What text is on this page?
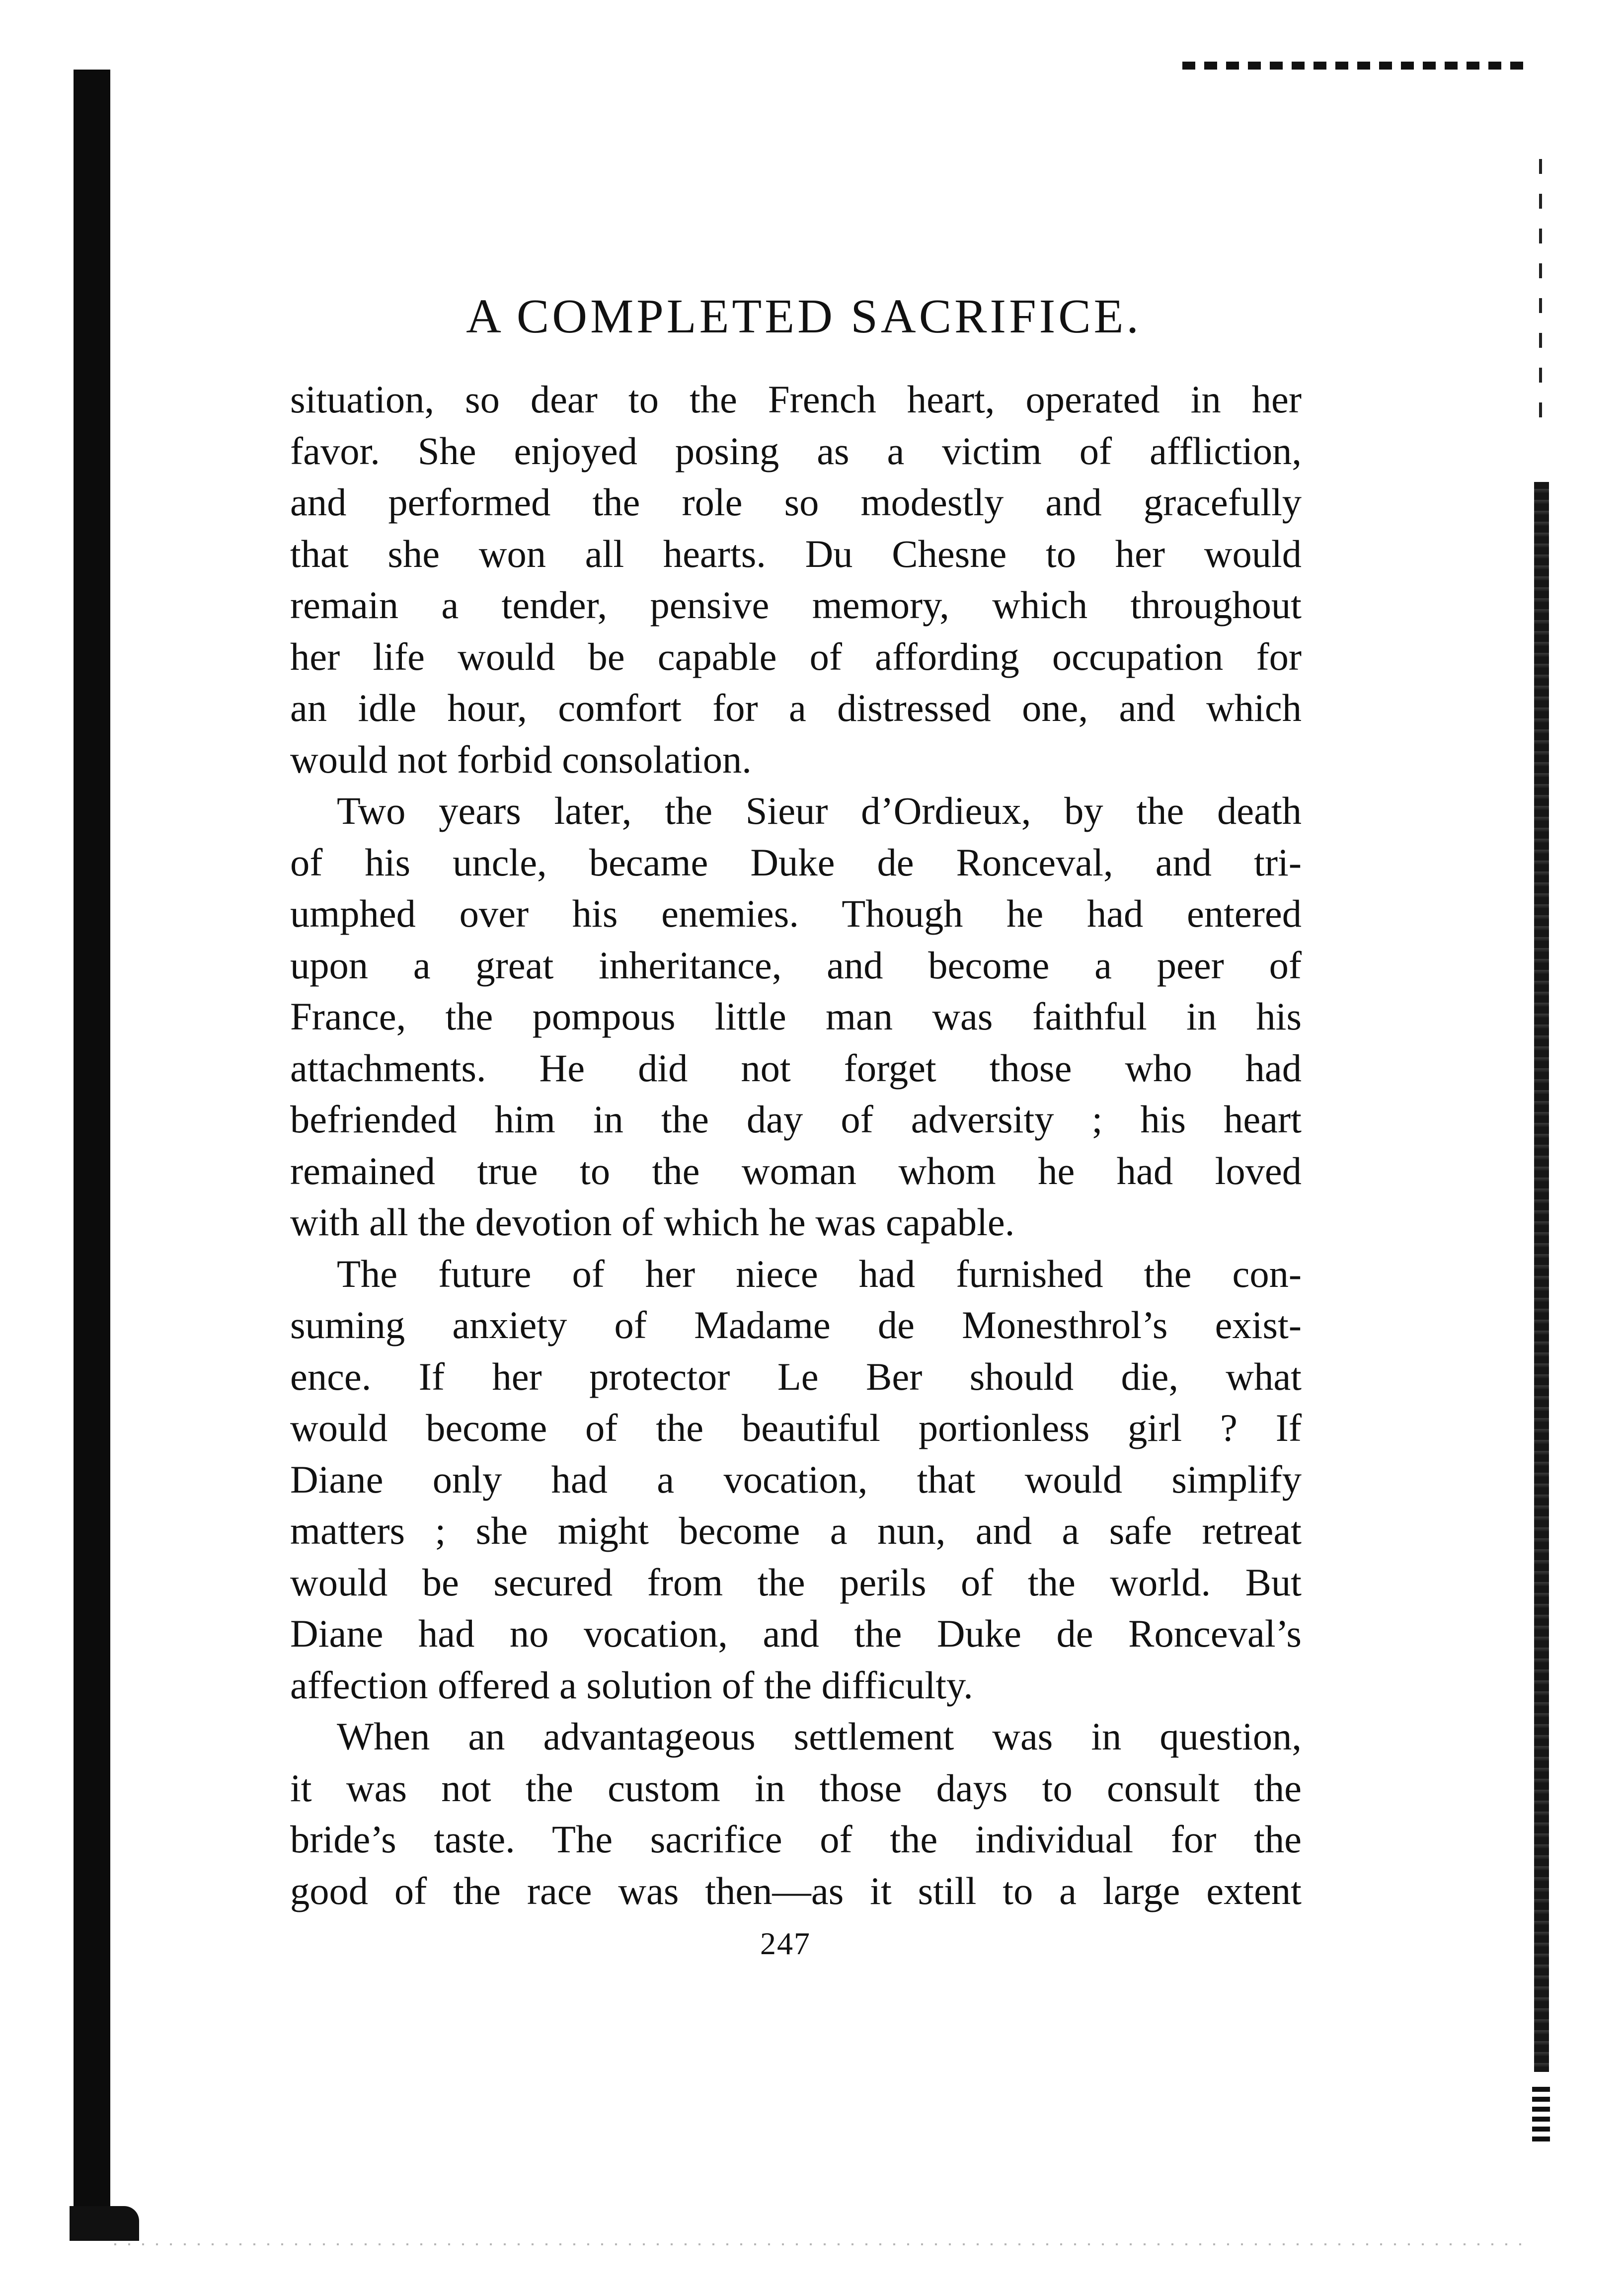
A COMPLETED SACRIFICE.
situation, so dear to the French heart, operated in her
favor. She enjoyed posing as a victim of affliction,
and performed the role so modestly and gracefully
that she won all hearts. Du Chesne to her would
remain a tender, pensive memory, which throughout
her life would be capable of affording occupation for
an idle hour, comfort for a distressed one, and which
would not forbid consolation.
Two years later, the Sieur d’Ordieux, by the death
of his uncle, became Duke de Ronceval, and tri-
umphed over his enemies. Though he had entered
upon a great inheritance, and become a peer of
France, the pompous little man was faithful in his
attachments. He did not forget those who had
befriended him in the day of adversity ; his heart
remained true to the woman whom he had loved
with all the devotion of which he was capable.
The future of her niece had furnished the con-
suming anxiety of Madame de Monesthrol’s exist-
ence. If her protector Le Ber should die, what
would become of the beautiful portionless girl ? If
Diane only had a vocation, that would simplify
matters ; she might become a nun, and a safe retreat
would be secured from the perils of the world. But
Diane had no vocation, and the Duke de Ronceval’s
affection offered a solution of the difficulty.
When an advantageous settlement was in question,
it was not the custom in those days to consult the
bride’s taste. The sacrifice of the individual for the
good of the race was then—as it still to a large extent
247
